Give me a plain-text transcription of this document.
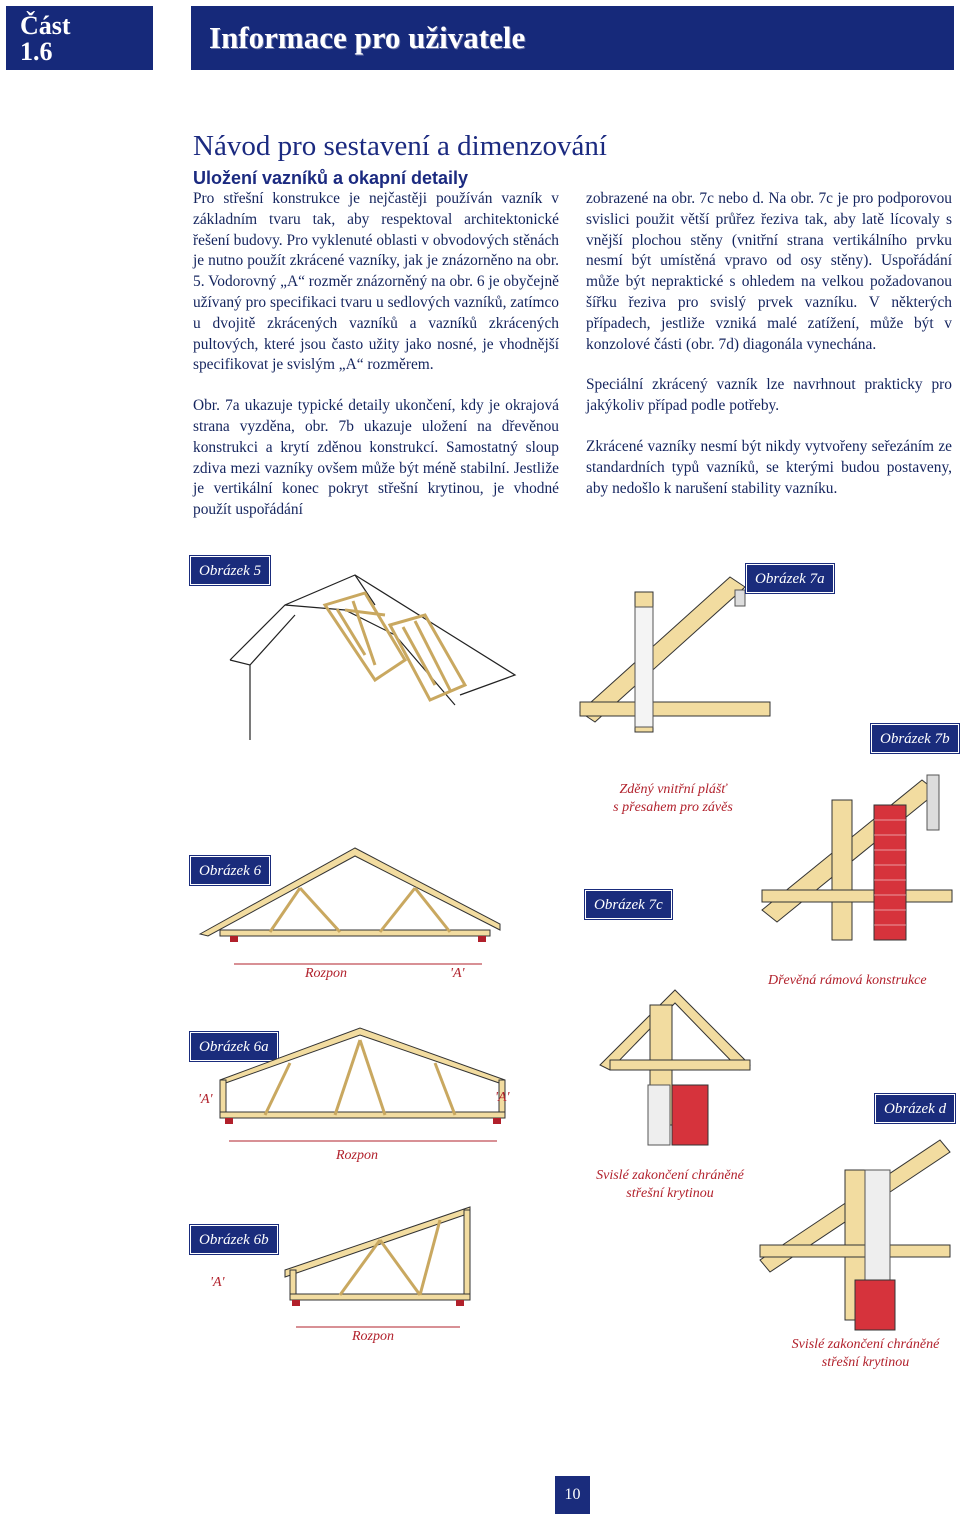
Část
1.6	Informace pro uživatele
Návod pro sestavení a dimenzování
Uložení vazníků a okapní detaily

Pro střešní konstrukce je nejčastěji používán vazník v základním tvaru tak, aby respektoval architektonické řešení budovy. Pro vyklenuté oblasti v obvodových stěnách je nutno použít zkrácené vazníky, jak je znázorněno na obr. 5. Vodorovný „A“ rozměr znázorněný na obr. 6 je obyčejně užívaný pro specifikaci tvaru u sedlových vazníků, zatímco u dvojitě zkrácených vazníků a vazníků zkrácených pultových, které jsou často užity jako nosné, je vhodnější specifikovat je svislým „A“ rozměrem.

Obr. 7a ukazuje typické detaily ukončení, kdy je okrajová strana vyzděna, obr. 7b ukazuje uložení na dřevěnou konstrukci a krytí zděnou konstrukcí. Samostatný sloup zdiva mezi vazníky ovšem může být méně stabilní. Jestliže je vertikální konec pokryt střešní krytinou, je vhodné použít uspořádání

zobrazené na obr. 7c nebo d. Na obr. 7c je pro podporovou svislici použit větší průřez řeziva tak, aby latě lícovaly s vnější plochou stěny (vnitřní strana vertikálního prvku nesmí být umístěná vpravo od osy stěny). Uspořádání může být nepraktické s ohledem na velkou požadovanou šířku řeziva pro svislý prvek vazníku. V některých případech, jestliže vzniká malé zatížení, může být v konzolové části (obr. 7d) diagonála vynechána.

Speciální zkrácený vazník lze navrhnout prakticky pro jakýkoliv případ podle potřeby.

Zkrácené vazníky nesmí být nikdy vytvořeny seřezáním ze standardních typů vazníků, se kterými budou postaveny, aby nedošlo k narušení stability vazníku.

Obrázek 5
Obrázek 6
Rozpon	'A'
Obrázek 6a
'A'	'A'
Rozpon
Obrázek 6b
'A'
Rozpon
Obrázek 7a
Obrázek 7b
Zděný vnitřní plášť
s přesahem pro závěs
Obrázek 7c
Dřevěná rámová konstrukce
Svislé zakončení chráněné
střešní krytinou
Obrázek d
Svislé zakončení chráněné
střešní krytinou
10
